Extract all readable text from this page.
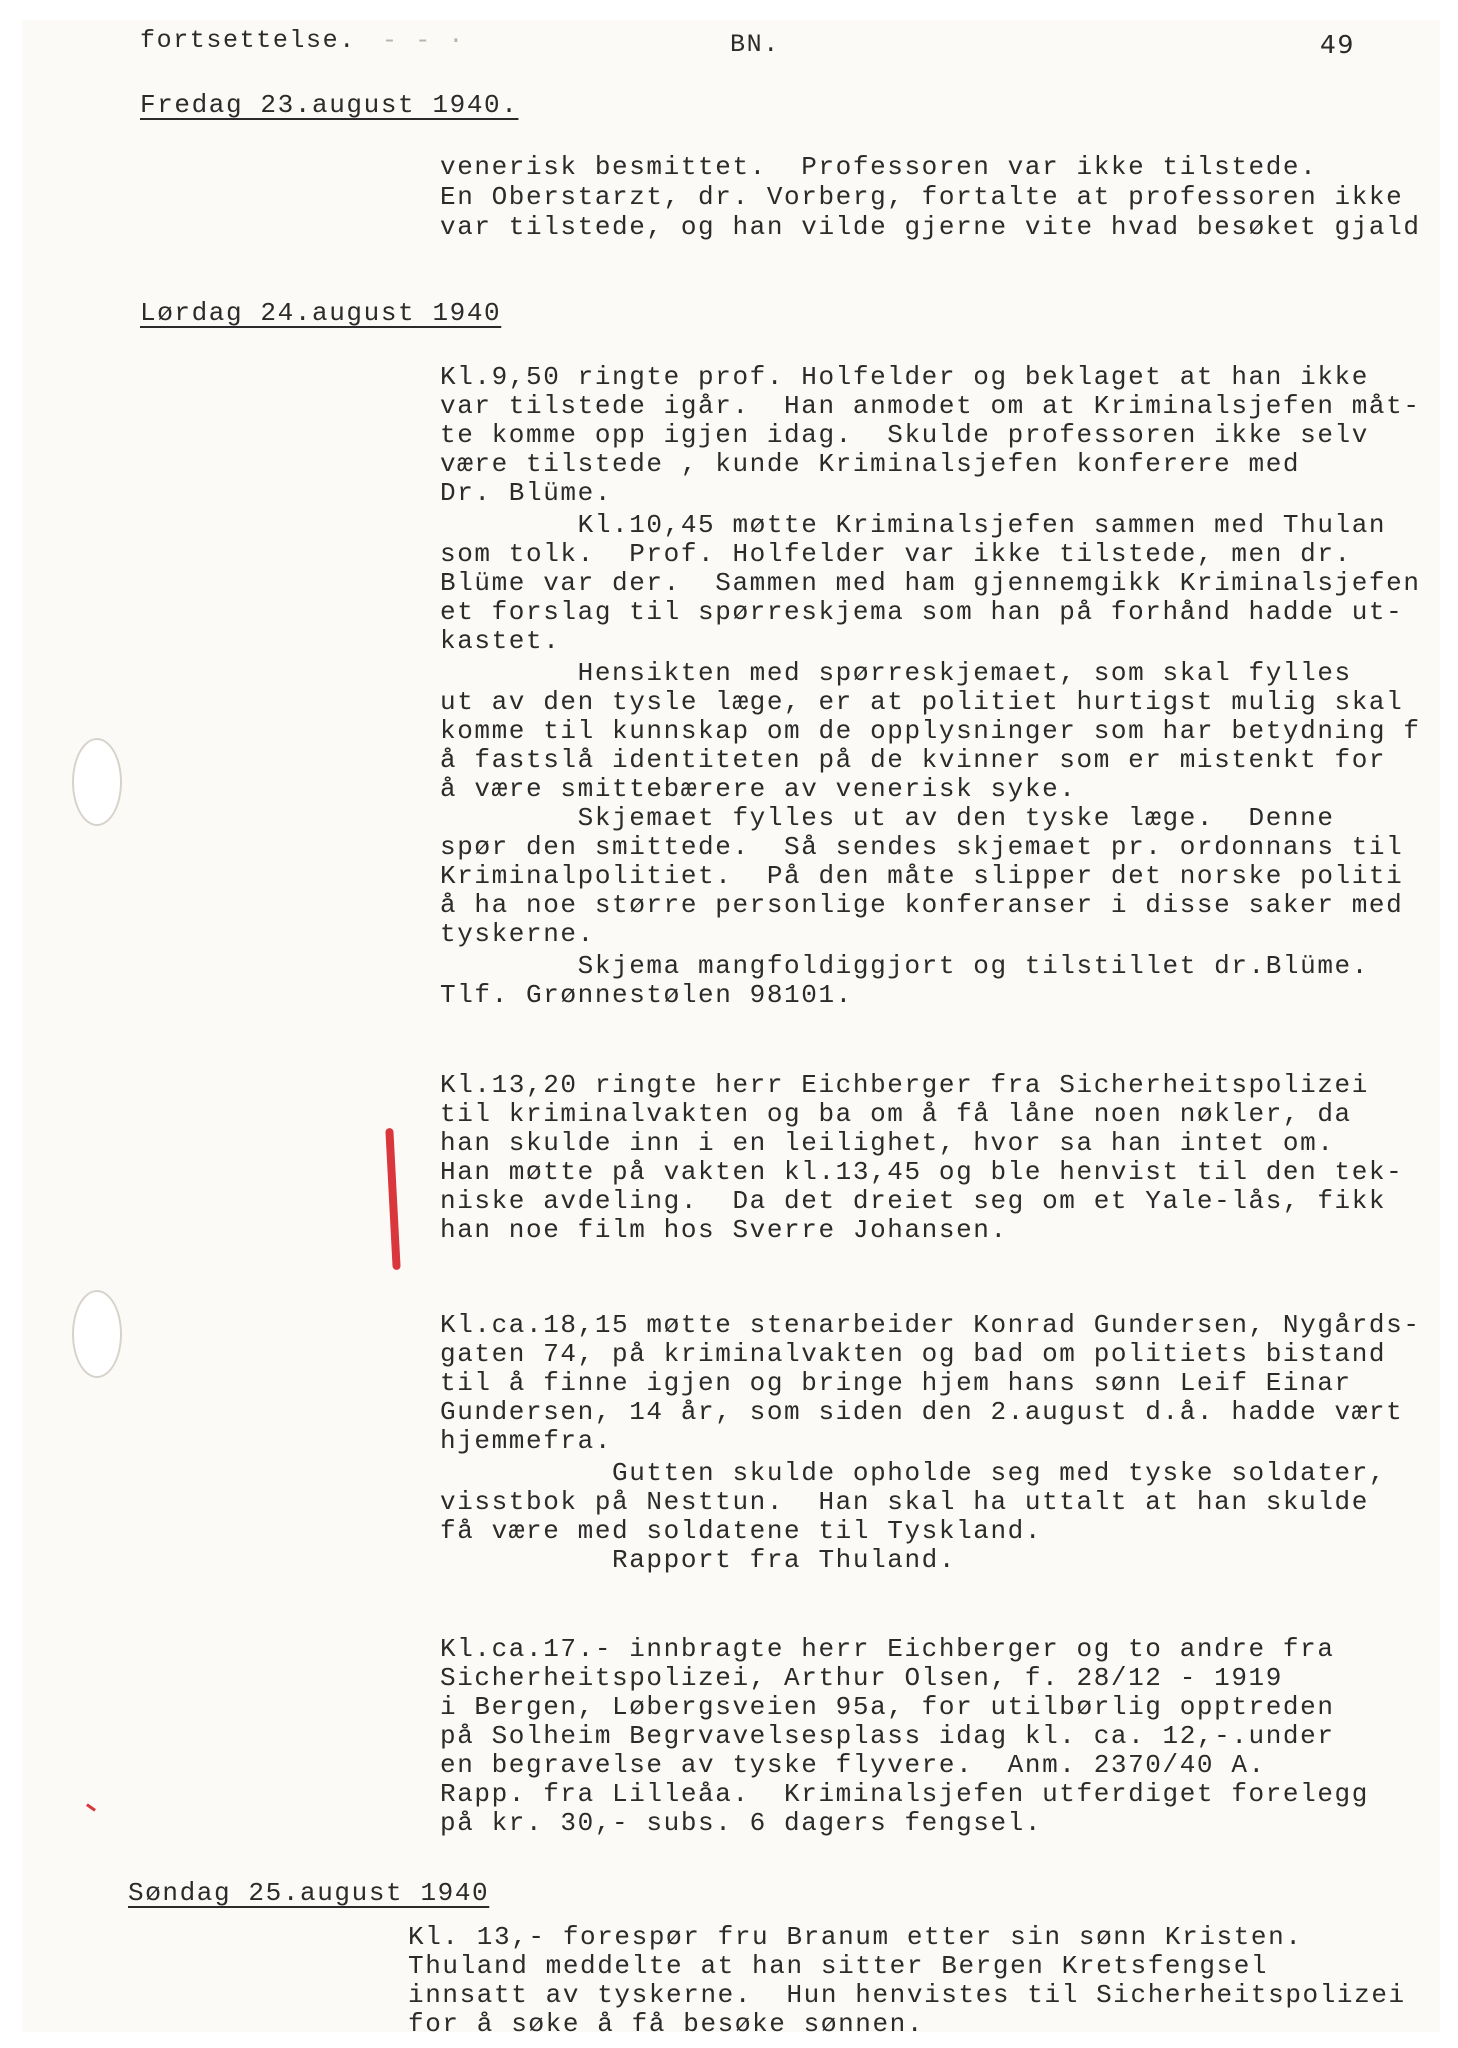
fortsettelse. - - ·	BN.	49
Fredag 23.august 1940.
venerisk besmittet.  Professoren var ikke tilstede.
En Oberstarzt, dr. Vorberg, fortalte at professoren ikke
var tilstede, og han vilde gjerne vite hvad besøket gjald
Lørdag 24.august 1940
Kl.9,50 ringte prof. Holfelder og beklaget at han ikke
var tilstede igår.  Han anmodet om at Kriminalsjefen måt-
te komme opp igjen idag.  Skulde professoren ikke selv
være tilstede , kunde Kriminalsjefen konferere med
Dr. Blüme.
Kl.10,45 møtte Kriminalsjefen sammen med Thulan
som tolk.  Prof. Holfelder var ikke tilstede, men dr.
Blüme var der.  Sammen med ham gjennemgikk Kriminalsjefen
et forslag til spørreskjema som han på forhånd hadde ut-
kastet.
Hensikten med spørreskjemaet, som skal fylles
ut av den tysle læge, er at politiet hurtigst mulig skal
komme til kunnskap om de opplysninger som har betydning f
å fastslå identiteten på de kvinner som er mistenkt for
å være smittebærere av venerisk syke.
Skjemaet fylles ut av den tyske læge.  Denne
spør den smittede.  Så sendes skjemaet pr. ordonnans til
Kriminalpolitiet.  På den måte slipper det norske politi
å ha noe større personlige konferanser i disse saker med
tyskerne.
Skjema mangfoldiggjort og tilstillet dr.Blüme.
Tlf. Grønnestølen 98101.
Kl.13,20 ringte herr Eichberger fra Sicherheitspolizei
til kriminalvakten og ba om å få låne noen nøkler, da
han skulde inn i en leilighet, hvor sa han intet om.
Han møtte på vakten kl.13,45 og ble henvist til den tek-
niske avdeling.  Da det dreiet seg om et Yale-lås, fikk
han noe film hos Sverre Johansen.
Kl.ca.18,15 møtte stenarbeider Konrad Gundersen, Nygårds-
gaten 74, på kriminalvakten og bad om politiets bistand
til å finne igjen og bringe hjem hans sønn Leif Einar
Gundersen, 14 år, som siden den 2.august d.å. hadde vært
hjemmefra.
Gutten skulde opholde seg med tyske soldater,
visstbok på Nesttun.  Han skal ha uttalt at han skulde
få være med soldatene til Tyskland.
Rapport fra Thuland.
Kl.ca.17.- innbragte herr Eichberger og to andre fra
Sicherheitspolizei, Arthur Olsen, f. 28/12 - 1919
i Bergen, Løbergsveien 95a, for utilbørlig opptreden
på Solheim Begrvavelsesplass idag kl. ca. 12,-.under
en begravelse av tyske flyvere.  Anm. 2370/40 A.
Rapp. fra Lilleåa.  Kriminalsjefen utferdiget forelegg
på kr. 30,- subs. 6 dagers fengsel.
Søndag 25.august 1940
Kl. 13,- forespør fru Branum etter sin sønn Kristen.
Thuland meddelte at han sitter Bergen Kretsfengsel
innsatt av tyskerne.  Hun henvistes til Sicherheitspolizei
for å søke å få besøke sønnen.
